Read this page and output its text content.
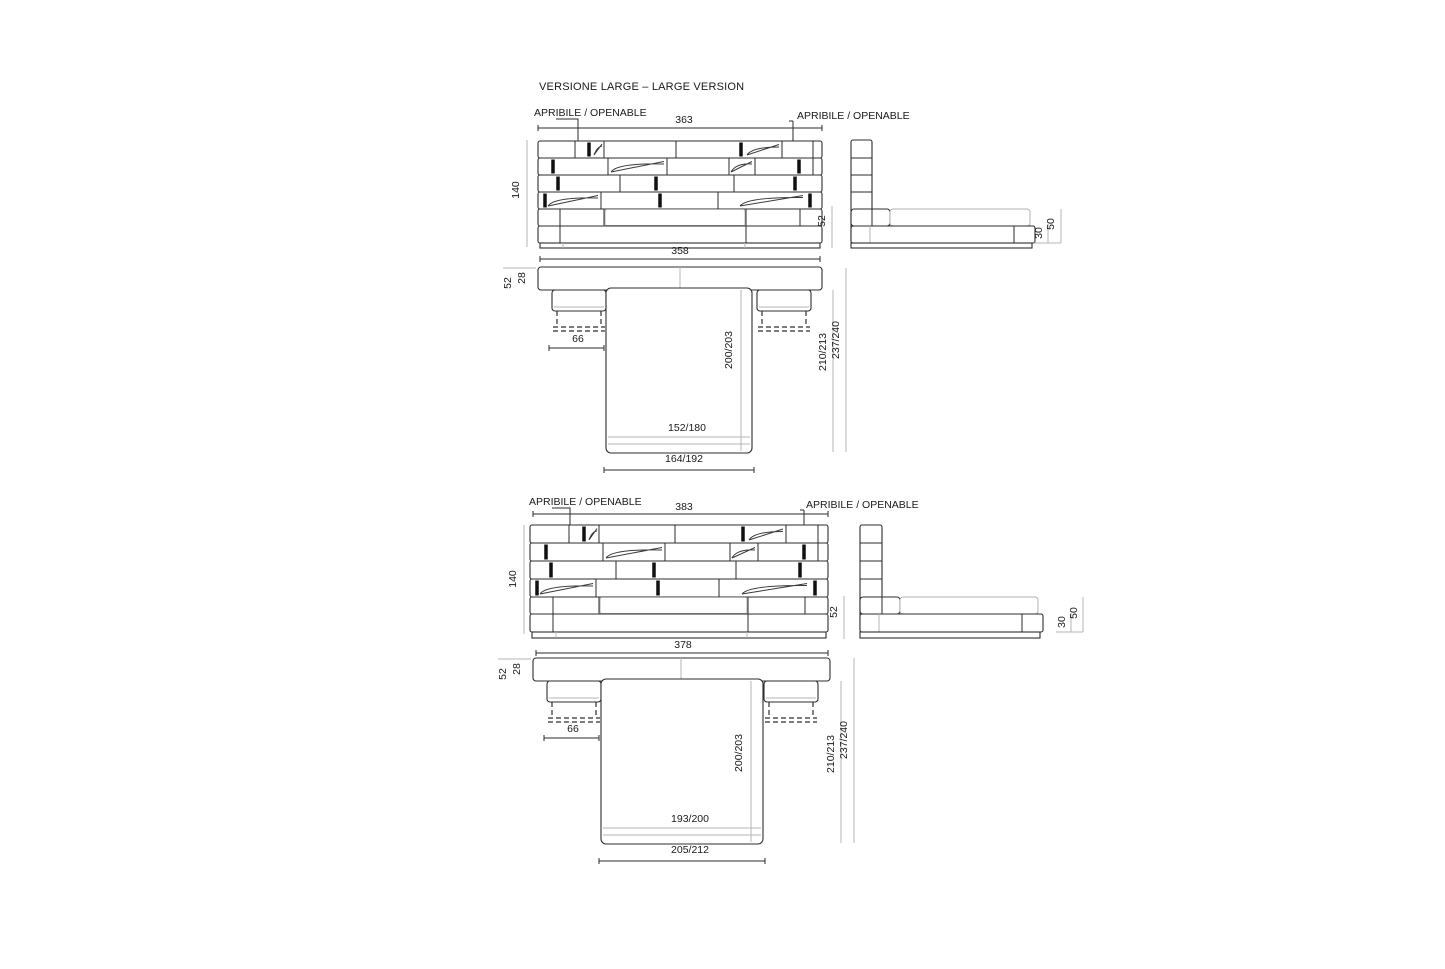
VERSIONE LARGE – LARGE VERSION
APRIBILE / OPENABLE	APRIBILE / OPENABLE
363
140
52
30
50
358
52 28
66	200/203
152/180
164/192
210/213 237/240
APRIBILE / OPENABLE	APRIBILE / OPENABLE
383
140
52
30
50
378
52 28
66
200/203
193/200
205/212
210/213 237/240
